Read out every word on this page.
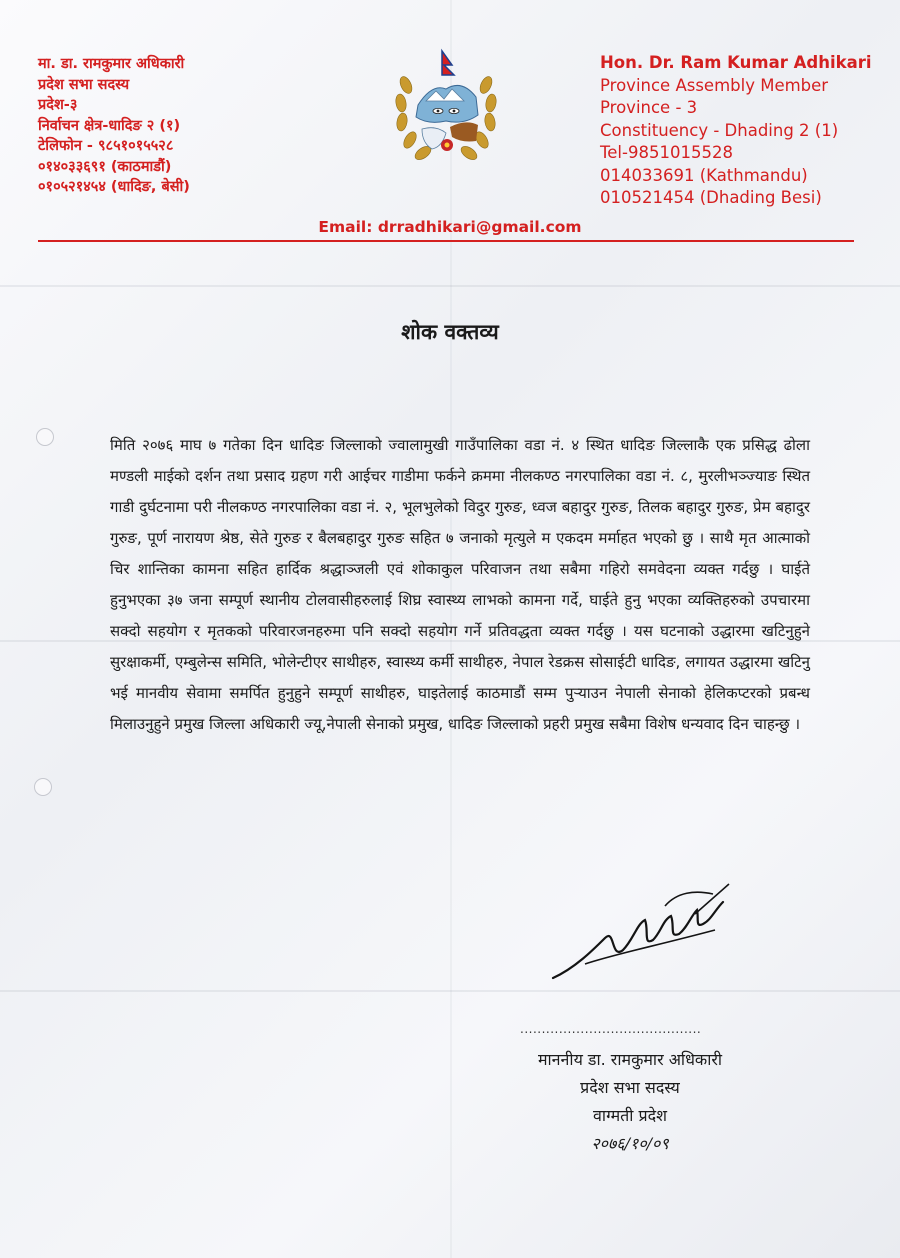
मा. डा. रामकुमार अधिकारी
प्रदेश सभा सदस्य
प्रदेश-३
निर्वाचन क्षेत्र-धादिङ २ (१)
टेलिफोन - ९८५१०१५५२८
०१४०३३६९१ (काठमाडौं)
०१०५२१४५४ (धादिङ, बेसी)
Hon. Dr. Ram Kumar Adhikari
Province Assembly Member
Province - 3
Constituency - Dhading 2 (1)
Tel-9851015528
014033691 (Kathmandu)
010521454 (Dhading Besi)
Email: drradhikari@gmail.com
शोक वक्तव्य

मिति २०७६ माघ ७ गतेका दिन धादिङ जिल्लाको ज्वालामुखी गाउँपालिका वडा नं. ४ स्थित धादिङ जिल्लाकै एक प्रसिद्ध ढोला मण्डली माईको दर्शन तथा प्रसाद ग्रहण गरी आईचर गाडीमा फर्कने क्रममा नीलकण्ठ नगरपालिका वडा नं. ८, मुरलीभञ्ज्याङ स्थित गाडी दुर्घटनामा परी नीलकण्ठ नगरपालिका वडा नं. २, भूलभुलेको विदुर गुरुङ, ध्वज बहादुर गुरुङ, तिलक बहादुर गुरुङ, प्रेम बहादुर गुरुङ, पूर्ण नारायण श्रेष्ठ, सेते गुरुङ र बैलबहादुर गुरुङ सहित ७ जनाको मृत्युले म एकदम मर्माहत भएको छु । साथै मृत आत्माको चिर शान्तिका कामना सहित हार्दिक श्रद्धाञ्जली एवं शोकाकुल परिवाजन तथा सबैमा गहिरो समवेदना व्यक्त गर्दछु । घाईते हुनुभएका ३७ जना सम्पूर्ण स्थानीय टोलवासीहरुलाई शिघ्र स्वास्थ्य लाभको कामना गर्दे, घाईते हुनु भएका व्यक्तिहरुको उपचारमा सक्दो सहयोग र मृतकको परिवारजनहरुमा पनि सक्दो सहयोग गर्ने प्रतिवद्धता व्यक्त गर्दछु । यस घटनाको उद्धारमा खटिनुहुने सुरक्षाकर्मी, एम्बुलेन्स समिति, भोलेन्टीएर साथीहरु, स्वास्थ्य कर्मी साथीहरु, नेपाल रेडक्रस सोसाईटी धादिङ, लगायत उद्धारमा खटिनु भई मानवीय सेवामा समर्पित हुनुहुने सम्पूर्ण साथीहरु, घाइतेलाई काठमाडौं सम्म पुर्‍याउन नेपाली सेनाको हेलिकप्टरको प्रबन्ध मिलाउनुहुने प्रमुख जिल्ला अधिकारी ज्यू,नेपाली सेनाको प्रमुख, धादिङ जिल्लाको प्रहरी प्रमुख सबैमा विशेष धन्यवाद दिन चाहन्छु ।

..........................................
माननीय डा. रामकुमार अधिकारी
प्रदेश सभा सदस्य
वाग्मती प्रदेश
२०७६/१०/०९
